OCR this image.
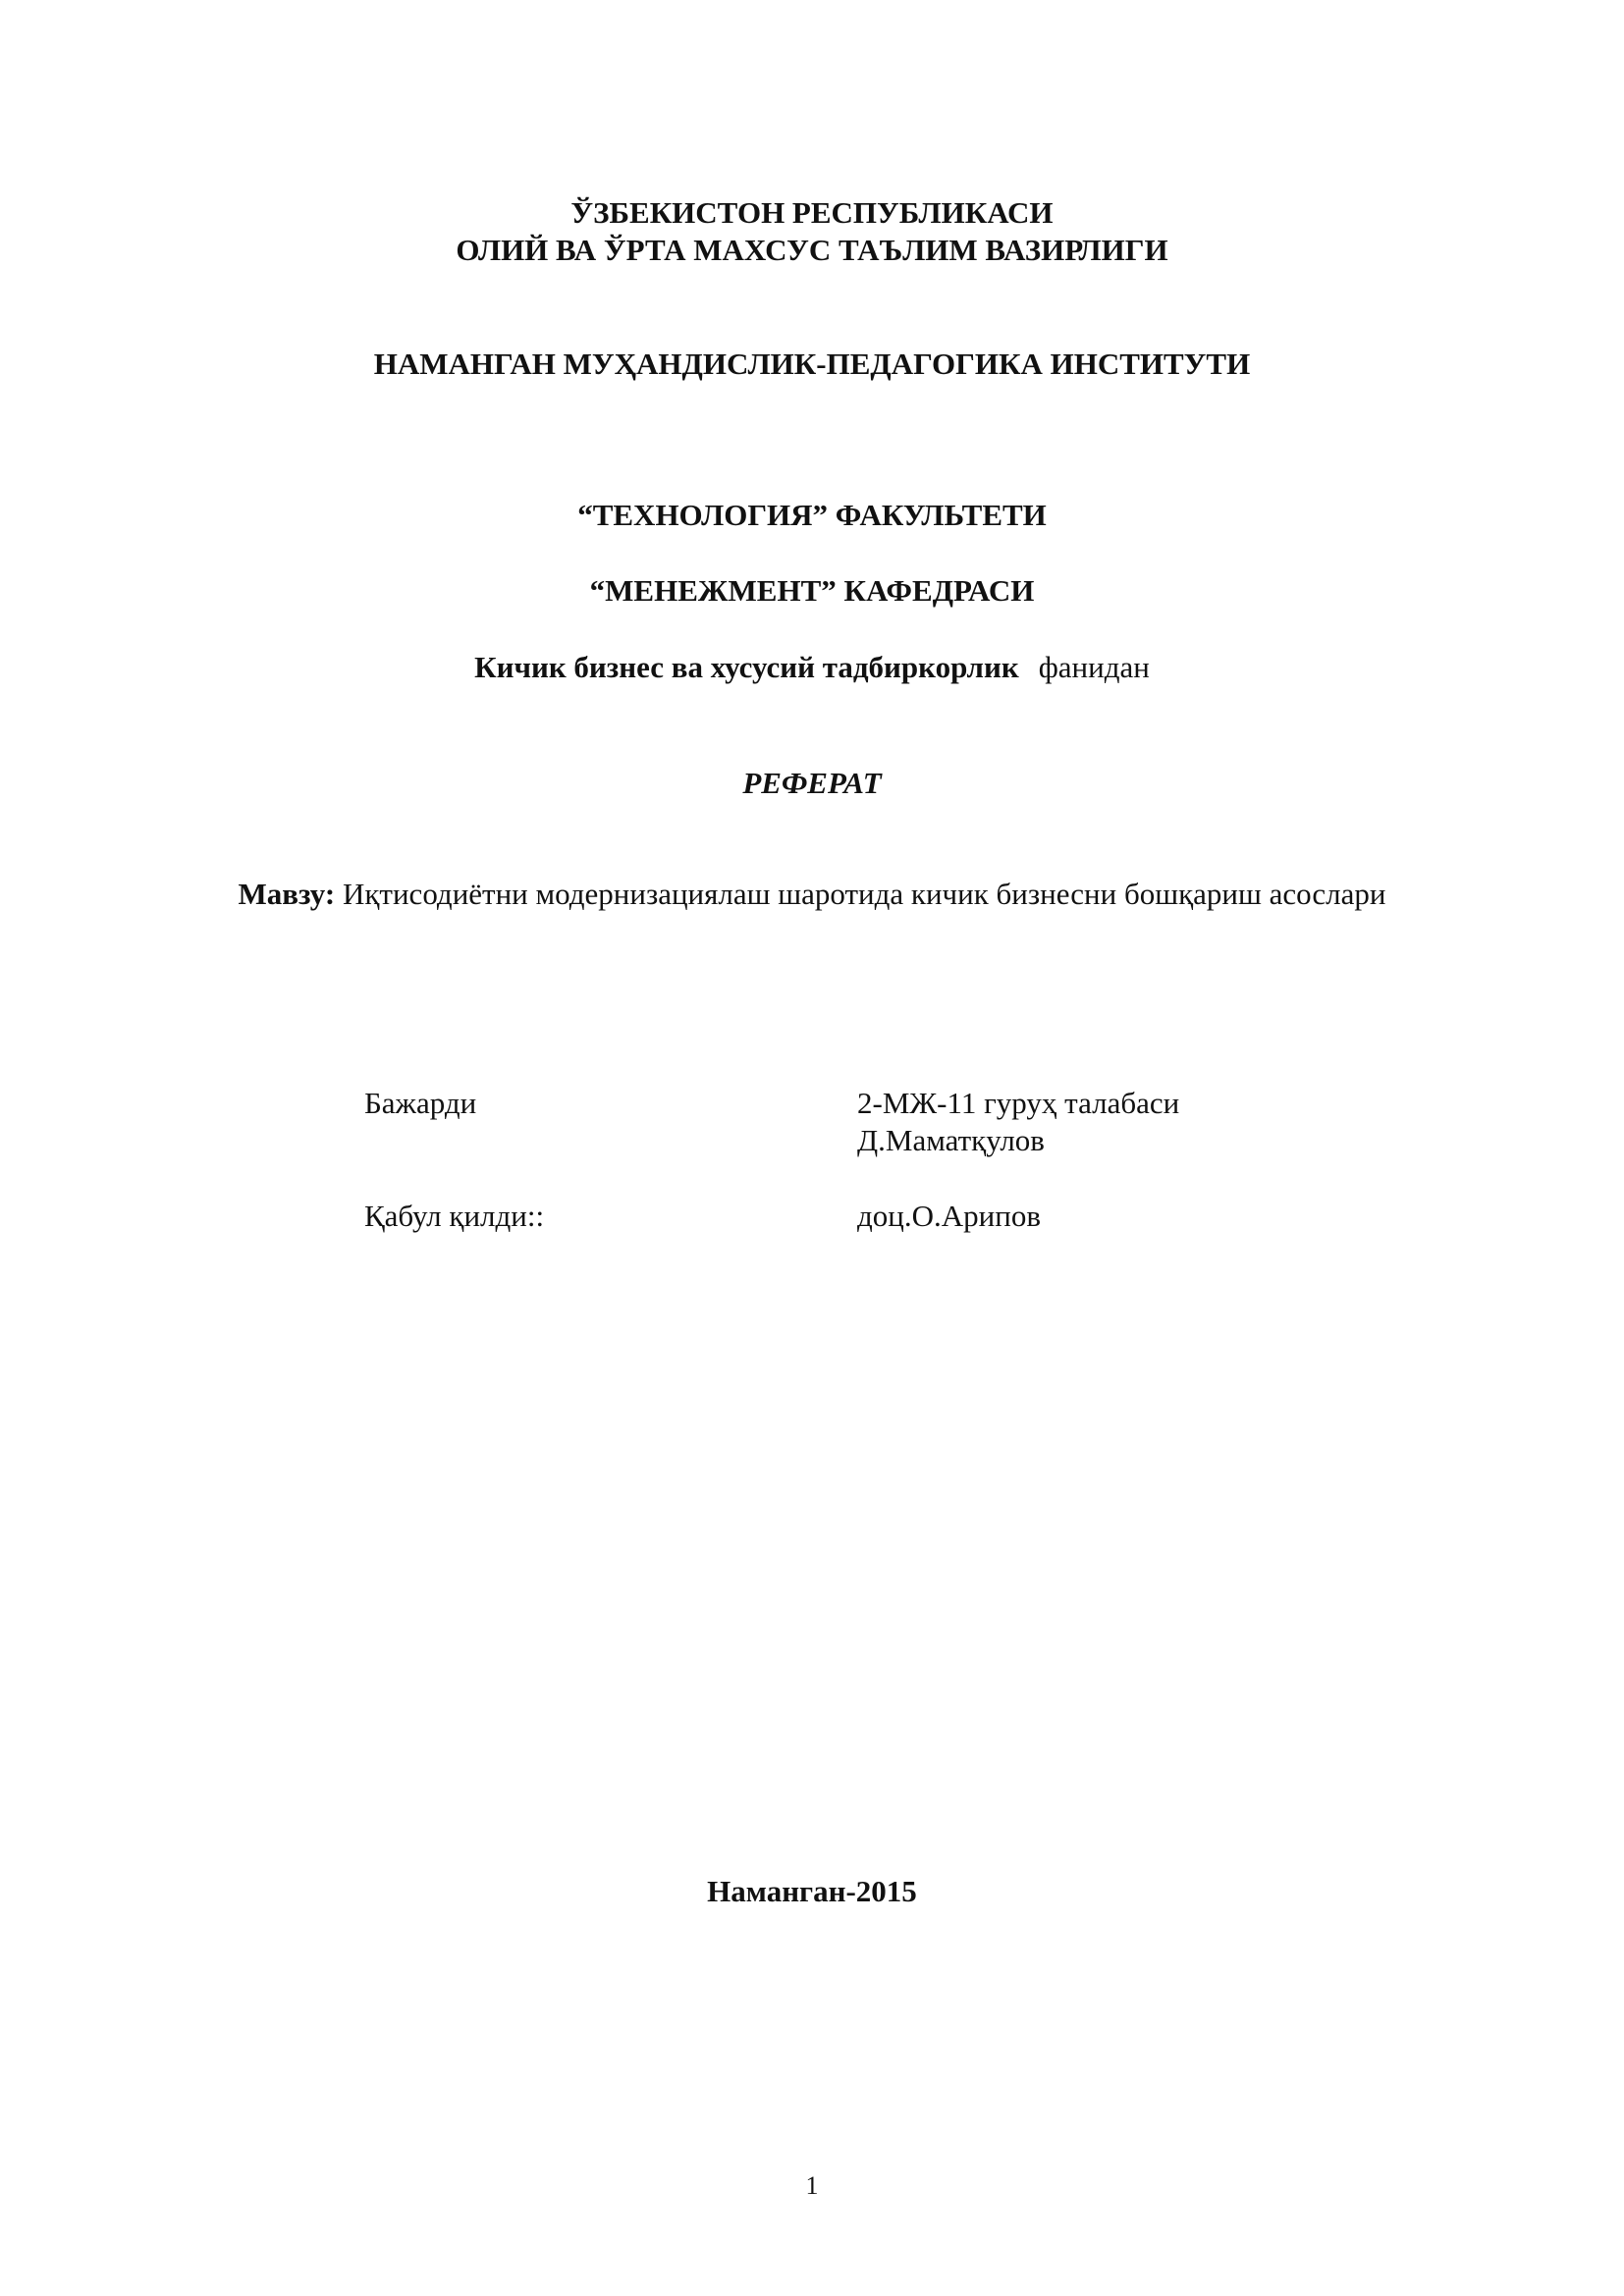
ЎЗБЕКИСТОН РЕСПУБЛИКАСИ
ОЛИЙ ВА ЎРТА МАХСУС ТАЪЛИМ ВАЗИРЛИГИ
НАМАНГАН МУҲАНДИСЛИК-ПЕДАГОГИКА ИНСТИТУТИ
“ТЕХНОЛОГИЯ” ФАКУЛЬТЕТИ
“МЕНЕЖМЕНТ” КАФЕДРАСИ
Кичик бизнес ва хусусий тадбиркорлик фанидан
РЕФЕРАТ
Мавзу: Иқтисодиётни модернизациялаш шаротида кичик бизнесни бошқариш асослари
Бажарди	2-МЖ-11 гуруҳ талабаси
Д.Маматқулов
Қабул қилди::	доц.О.Арипов
Наманган-2015
1
